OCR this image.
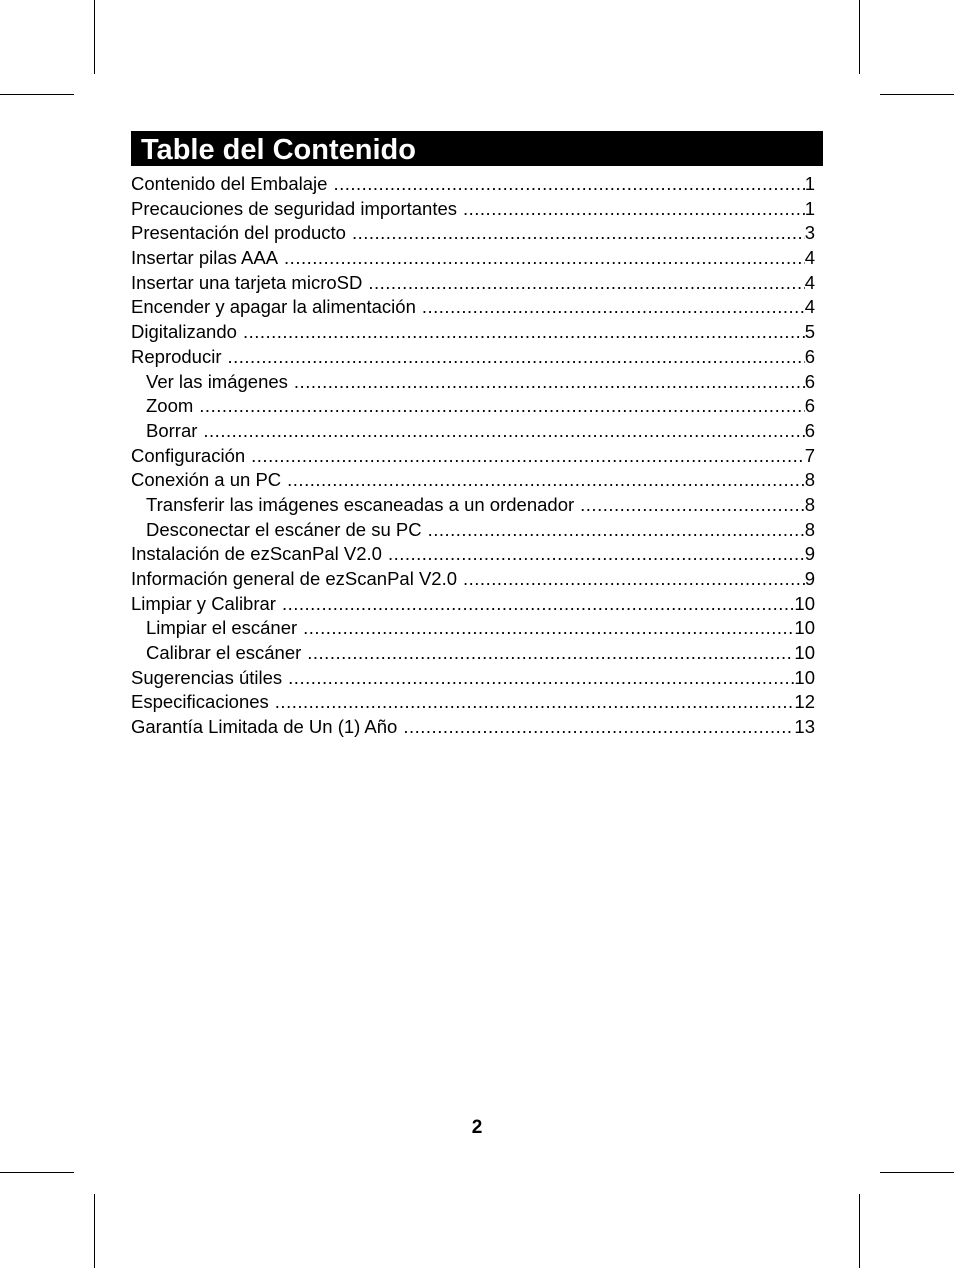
Table del Contenido
Contenido del Embalaje .....	1
Precauciones de seguridad importantes .....	1
Presentación del producto .....	3
Insertar pilas AAA .....	4
Insertar una tarjeta microSD .....	4
Encender y apagar la alimentación .....	4
Digitalizando .....	5
Reproducir .....	6
Ver las imágenes .....	6
Zoom .....	6
Borrar .....	6
Configuración .....	7
Conexión a un PC .....	8
Transferir las imágenes escaneadas a un ordenador .....	8
Desconectar el escáner de su PC .....	8
Instalación de ezScanPal V2.0 .....	9
Información general de ezScanPal V2.0 .....	9
Limpiar y Calibrar .....	10
Limpiar el escáner .....	10
Calibrar el escáner .....	10
Sugerencias útiles .....	10
Especificaciones .....	12
Garantía Limitada de Un (1) Año .....	13
2
